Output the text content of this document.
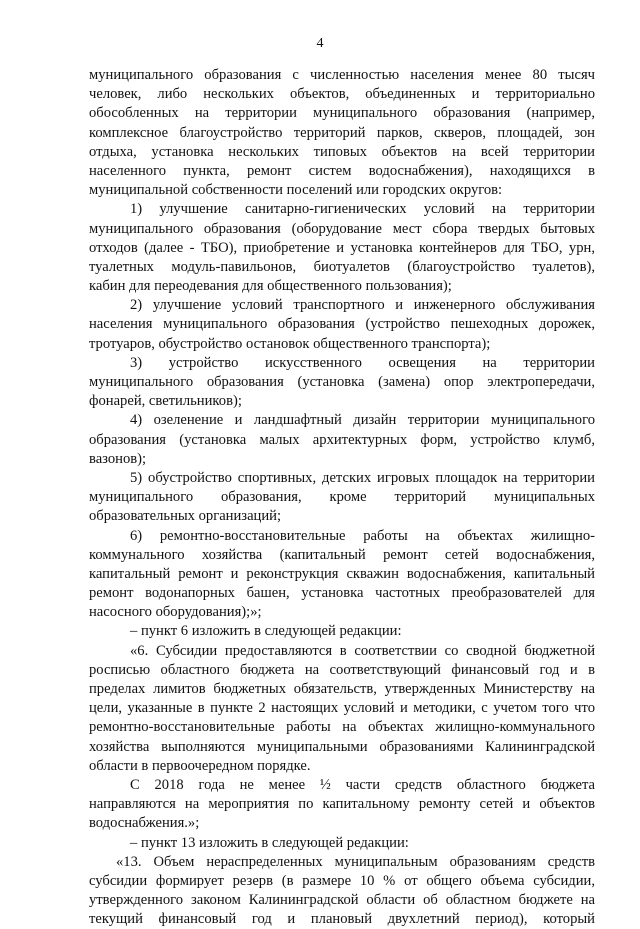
4
муниципального образования с численностью населения менее 80 тысяч
человек, либо нескольких объектов, объединенных и территориально
обособленных на территории муниципального образования (например,
комплексное благоустройство территорий парков, скверов, площадей, зон
отдыха, установка нескольких типовых объектов на всей территории
населенного пункта, ремонт систем водоснабжения), находящихся в
муниципальной собственности поселений или городских округов:
1) улучшение санитарно-гигиенических условий на территории
муниципального образования (оборудование мест сбора твердых бытовых
отходов (далее - ТБО), приобретение и установка контейнеров для ТБО, урн,
туалетных модуль-павильонов, биотуалетов (благоустройство туалетов),
кабин для переодевания для общественного пользования);
2) улучшение условий транспортного и инженерного обслуживания
населения муниципального образования (устройство пешеходных дорожек,
тротуаров, обустройство остановок общественного транспорта);
3) устройство искусственного освещения на территории
муниципального образования (установка (замена) опор электропередачи,
фонарей, светильников);
4) озеленение и ландшафтный дизайн территории муниципального
образования (установка малых архитектурных форм, устройство клумб,
вазонов);
5) обустройство спортивных, детских игровых площадок на территории
муниципального образования, кроме территорий муниципальных
образовательных организаций;
6) ремонтно-восстановительные работы на объектах жилищно-
коммунального хозяйства (капитальный ремонт сетей водоснабжения,
капитальный ремонт и реконструкция скважин водоснабжения, капитальный
ремонт водонапорных башен, установка частотных преобразователей для
насосного оборудования);»;
– пункт 6 изложить в следующей редакции:
«6. Субсидии предоставляются в соответствии со сводной бюджетной
росписью областного бюджета на соответствующий финансовый год и в
пределах лимитов бюджетных обязательств, утвержденных Министерству на
цели, указанные в пункте 2 настоящих условий и методики, с учетом того что
ремонтно-восстановительные работы на объектах жилищно-коммунального
хозяйства выполняются муниципальными образованиями Калининградской
области в первоочередном порядке.
С 2018 года не менее ½ части средств областного бюджета
направляются на мероприятия по капитальному ремонту сетей и объектов
водоснабжения.»;
– пункт 13 изложить в следующей редакции:
«13. Объем нераспределенных муниципальным образованиям средств
субсидии формирует резерв (в размере 10 % от общего объема субсидии,
утвержденного законом Калининградской области об областном бюджете на
текущий финансовый год и плановый двухлетний период), который
